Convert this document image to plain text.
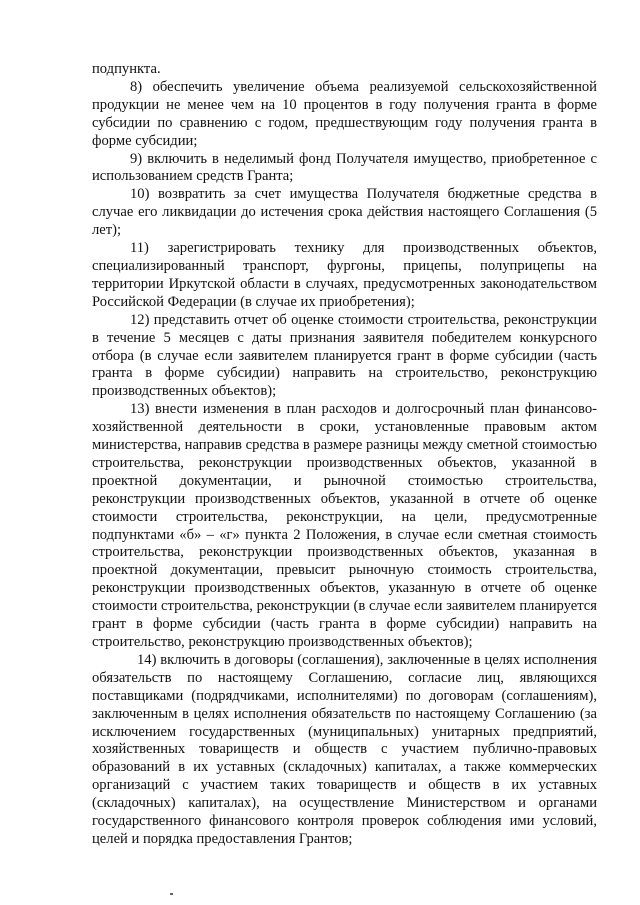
подпункта.

8) обеспечить увеличение объема реализуемой сельскохозяйственной продукции не менее чем на 10 процентов в году получения гранта в форме субсидии по сравнению с годом, предшествующим году получения гранта в форме субсидии;

9) включить в неделимый фонд Получателя имущество, приобретенное с использованием средств Гранта;

10) возвратить за счет имущества Получателя бюджетные средства в случае его ликвидации до истечения срока действия настоящего Соглашения (5 лет);

11) зарегистрировать технику для производственных объектов, специализированный транспорт, фургоны, прицепы, полуприцепы на территории Иркутской области в случаях, предусмотренных законодательством Российской Федерации (в случае их приобретения);

12) представить отчет об оценке стоимости строительства, реконструкции в течение 5 месяцев с даты признания заявителя победителем конкурсного отбора (в случае если заявителем планируется грант в форме субсидии (часть гранта в форме субсидии) направить на строительство, реконструкцию производственных объектов);

13) внести изменения в план расходов и долгосрочный план финансово-хозяйственной деятельности в сроки, установленные правовым актом министерства, направив средства в размере разницы между сметной стоимостью строительства, реконструкции производственных объектов, указанной в проектной документации, и рыночной стоимостью строительства, реконструкции производственных объектов, указанной в отчете об оценке стоимости строительства, реконструкции, на цели, предусмотренные подпунктами «б» – «г» пункта 2 Положения, в случае если сметная стоимость строительства, реконструкции производственных объектов, указанная в проектной документации, превысит рыночную стоимость строительства, реконструкции производственных объектов, указанную в отчете об оценке стоимости строительства, реконструкции (в случае если заявителем планируется грант в форме субсидии (часть гранта в форме субсидии) направить на строительство, реконструкцию производственных объектов);

14) включить в договоры (соглашения), заключенные в целях исполнения обязательств по настоящему Соглашению, согласие лиц, являющихся поставщиками (подрядчиками, исполнителями) по договорам (соглашениям), заключенным в целях исполнения обязательств по настоящему Соглашению (за исключением государственных (муниципальных) унитарных предприятий, хозяйственных товариществ и обществ с участием публично-правовых образований в их уставных (складочных) капиталах, а также коммерческих организаций с участием таких товариществ и обществ в их уставных (складочных) капиталах), на осуществление Министерством и органами государственного финансового контроля проверок соблюдения ими условий, целей и порядка предоставления Грантов;
